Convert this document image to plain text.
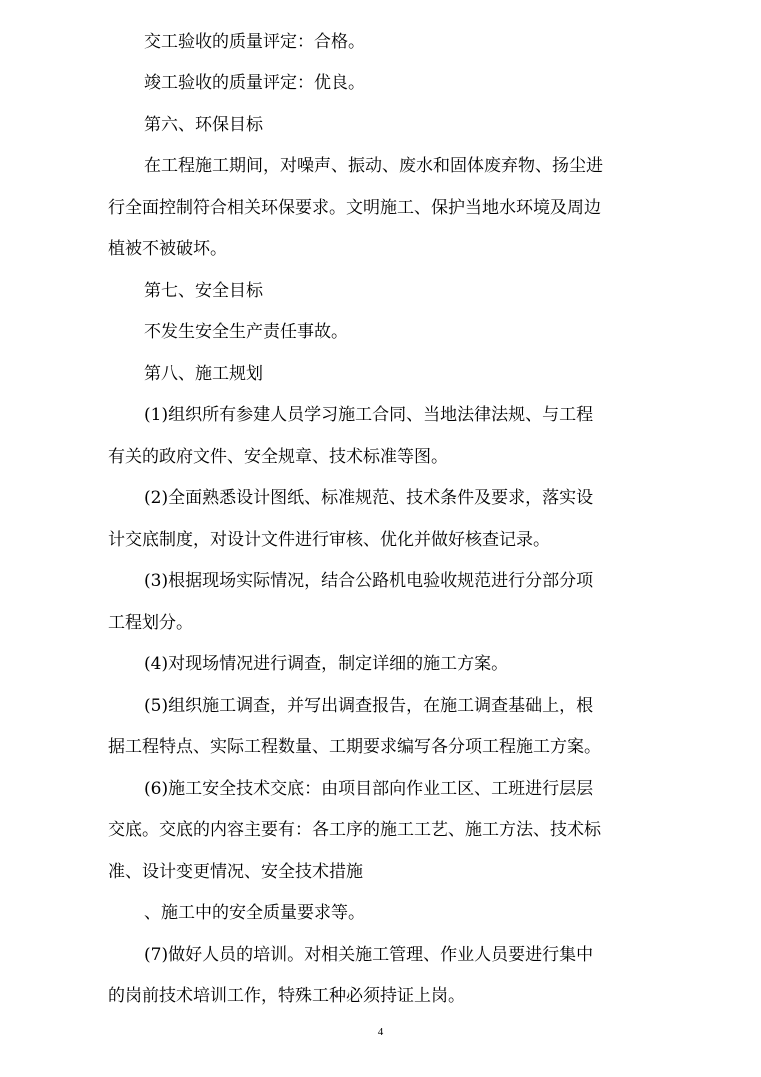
交工验收的质量评定：合格。
竣工验收的质量评定：优良。
第六、环保目标
在工程施工期间，对噪声、振动、废水和固体废弃物、扬尘进
行全面控制符合相关环保要求。文明施工、保护当地水环境及周边
植被不被破坏。
第七、安全目标
不发生安全生产责任事故。
第八、施工规划
(1)组织所有参建人员学习施工合同、当地法律法规、与工程
有关的政府文件、安全规章、技术标准等图。
(2)全面熟悉设计图纸、标准规范、技术条件及要求，落实设
计交底制度，对设计文件进行审核、优化并做好核查记录。
(3)根据现场实际情况，结合公路机电验收规范进行分部分项
工程划分。
(4)对现场情况进行调查，制定详细的施工方案。
(5)组织施工调查，并写出调查报告，在施工调查基础上，根
据工程特点、实际工程数量、工期要求编写各分项工程施工方案。
(6)施工安全技术交底：由项目部向作业工区、工班进行层层
交底。交底的内容主要有：各工序的施工工艺、施工方法、技术标
准、设计变更情况、安全技术措施
、施工中的安全质量要求等。
(7)做好人员的培训。对相关施工管理、作业人员要进行集中
的岗前技术培训工作，特殊工种必须持证上岗。
4
